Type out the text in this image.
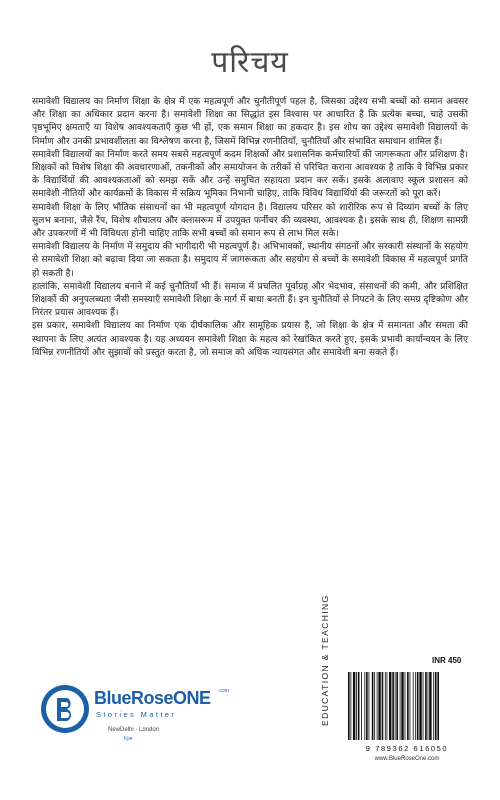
परिचय

समावेशी विद्यालय का निर्माण शिक्षा के क्षेत्र में एक महत्वपूर्ण और चुनौतीपूर्ण पहल है, जिसका उद्देश्य सभी बच्चों को समान अवसर और शिक्षा का अधिकार प्रदान करना है। समावेशी शिक्षा का सिद्धांत इस विश्वास पर आधारित है कि प्रत्येक बच्चा, चाहे उसकी पृष्ठभूमिए क्षमताएँ या विशेष आवश्यकताएँ कुछ भी हों, एक समान शिक्षा का हकदार है। इस शोध का उद्देश्य समावेशी विद्यालयों के निर्माण और उनकी प्रभावशीलता का विश्लेषण करना है, जिसमें विभिन्न रणनीतियाँ, चुनौतियाँ और संभावित समाधान शामिल हैं।

समावेशी विद्यालयों का निर्माण करते समय सबसे महत्वपूर्ण कदम शिक्षकों और प्रशासनिक कर्मचारियों की जागरूकता और प्रशिक्षण है। शिक्षकों को विशेष शिक्षा की अवधारणाओं, तकनीकों और समायोजन के तरीकों से परिचित कराना आवश्यक है ताकि वे विभिन्न प्रकार के विद्यार्थियों की आवश्यकताओं को समझ सकें और उन्हें समुचित सहायता प्रदान कर सकें। इसके अलावाए स्कूल प्रशासन को समावेशी नीतियों और कार्यक्रमों के विकास में सक्रिय भूमिका निभानी चाहिए, ताकि विविध विद्यार्थियों की जरूरतों को पूरा करें।

समावेशी शिक्षा के लिए भौतिक संसाधनों का भी महत्वपूर्ण योगदान है। विद्यालय परिसर को शारीरिक रूप से दिव्यांग बच्चों के लिए सुलभ बनाना, जैसे रैंप, विशेष शौचालय और क्लासरूम में उपयुक्त फर्नीचर की व्यवस्था, आवश्यक है। इसके साथ ही, शिक्षण सामग्री और उपकरणों में भी विविधता होनी चाहिए ताकि सभी बच्चों को समान रूप से लाभ मिल सके।

समावेशी विद्यालय के निर्माण में समुदाय की भागीदारी भी महत्वपूर्ण है। अभिभावकों, स्थानीय संगठनों और सरकारी संस्थानों के सहयोग से समावेशी शिक्षा को बढ़ावा दिया जा सकता है। समुदाय में जागरूकता और सहयोग से बच्चों के समावेशी विकास में महत्वपूर्ण प्रगति हो सकती है।

हालांकि, समावेशी विद्यालय बनाने में कई चुनौतियाँ भी हैं। समाज में प्रचलित पूर्वाग्रह और भेदभाव, संसाधनों की कमी, और प्रशिक्षित शिक्षकों की अनुपलब्धता जैसी समस्याएँ समावेशी शिक्षा के मार्ग में बाधा बनती हैं। इन चुनौतियों से निपटने के लिए समग्र दृष्टिकोण और निरंतर प्रयास आवश्यक हैं।

इस प्रकार, समावेशी विद्यालय का निर्माण एक दीर्घकालिक और सामूहिक प्रयास है, जो शिक्षा के क्षेत्र में समानता और समता की स्थापना के लिए अत्यंत आवश्यक है। यह अध्ययन समावेशी शिक्षा के महत्व को रेखांकित करते हुए, इसके प्रभावी कार्यान्वयन के लिए विभिन्न रणनीतियों और सुझावों को प्रस्तुत करता है, जो समाज को अधिक न्यायसंगत और समावेशी बना सकते हैं।

BlueRoseONE .com
Stories Matter
NewDelhi · London
f◎▾
EDUCATION & TEACHING	INR 450
9 789362 616050
www.BlueRoseOne.com
